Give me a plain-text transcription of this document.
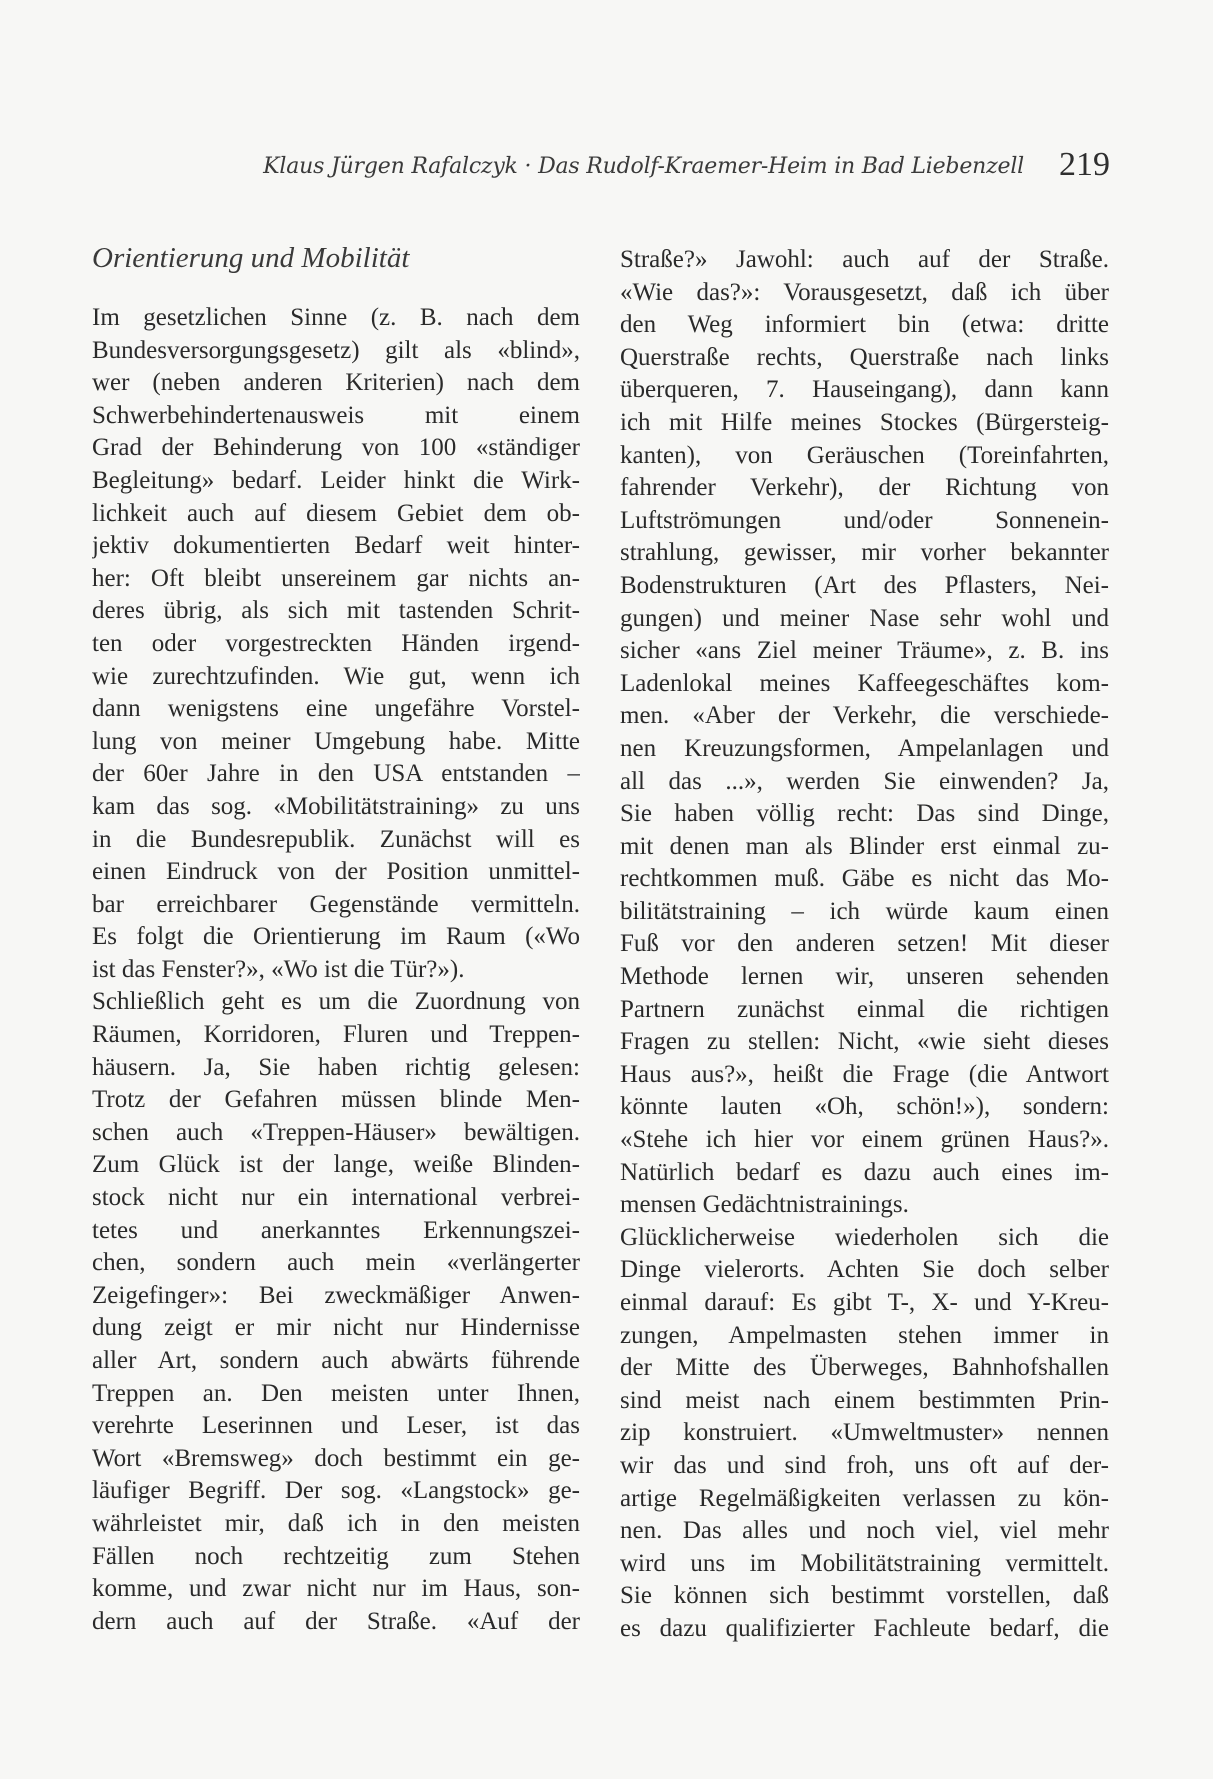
Klaus Jürgen Rafalczyk · Das Rudolf-Kraemer-Heim in Bad Liebenzell 219
Orientierung und Mobilität
Im gesetzlichen Sinne (z. B. nach dem
Bundesversorgungsgesetz) gilt als «blind»,
wer (neben anderen Kriterien) nach dem
Schwerbehindertenausweis mit einem
Grad der Behinderung von 100 «ständiger
Begleitung» bedarf. Leider hinkt die Wirk-
lichkeit auch auf diesem Gebiet dem ob-
jektiv dokumentierten Bedarf weit hinter-
her: Oft bleibt unsereinem gar nichts an-
deres übrig, als sich mit tastenden Schrit-
ten oder vorgestreckten Händen irgend-
wie zurechtzufinden. Wie gut, wenn ich
dann wenigstens eine ungefähre Vorstel-
lung von meiner Umgebung habe. Mitte
der 60er Jahre in den USA entstanden –
kam das sog. «Mobilitätstraining» zu uns
in die Bundesrepublik. Zunächst will es
einen Eindruck von der Position unmittel-
bar erreichbarer Gegenstände vermitteln.
Es folgt die Orientierung im Raum («Wo
ist das Fenster?», «Wo ist die Tür?»).
Schließlich geht es um die Zuordnung von
Räumen, Korridoren, Fluren und Treppen-
häusern. Ja, Sie haben richtig gelesen:
Trotz der Gefahren müssen blinde Men-
schen auch «Treppen-Häuser» bewältigen.
Zum Glück ist der lange, weiße Blinden-
stock nicht nur ein international verbrei-
tetes und anerkanntes Erkennungszei-
chen, sondern auch mein «verlängerter
Zeigefinger»: Bei zweckmäßiger Anwen-
dung zeigt er mir nicht nur Hindernisse
aller Art, sondern auch abwärts führende
Treppen an. Den meisten unter Ihnen,
verehrte Leserinnen und Leser, ist das
Wort «Bremsweg» doch bestimmt ein ge-
läufiger Begriff. Der sog. «Langstock» ge-
währleistet mir, daß ich in den meisten
Fällen noch rechtzeitig zum Stehen
komme, und zwar nicht nur im Haus, son-
dern auch auf der Straße. «Auf der
Straße?» Jawohl: auch auf der Straße.
«Wie das?»: Vorausgesetzt, daß ich über
den Weg informiert bin (etwa: dritte
Querstraße rechts, Querstraße nach links
überqueren, 7. Hauseingang), dann kann
ich mit Hilfe meines Stockes (Bürgersteig-
kanten), von Geräuschen (Toreinfahrten,
fahrender Verkehr), der Richtung von
Luftströmungen und/oder Sonnenein-
strahlung, gewisser, mir vorher bekannter
Bodenstrukturen (Art des Pflasters, Nei-
gungen) und meiner Nase sehr wohl und
sicher «ans Ziel meiner Träume», z. B. ins
Ladenlokal meines Kaffeegeschäftes kom-
men. «Aber der Verkehr, die verschiede-
nen Kreuzungsformen, Ampelanlagen und
all das ...», werden Sie einwenden? Ja,
Sie haben völlig recht: Das sind Dinge,
mit denen man als Blinder erst einmal zu-
rechtkommen muß. Gäbe es nicht das Mo-
bilitätstraining – ich würde kaum einen
Fuß vor den anderen setzen! Mit dieser
Methode lernen wir, unseren sehenden
Partnern zunächst einmal die richtigen
Fragen zu stellen: Nicht, «wie sieht dieses
Haus aus?», heißt die Frage (die Antwort
könnte lauten «Oh, schön!»), sondern:
«Stehe ich hier vor einem grünen Haus?».
Natürlich bedarf es dazu auch eines im-
mensen Gedächtnistrainings.
Glücklicherweise wiederholen sich die
Dinge vielerorts. Achten Sie doch selber
einmal darauf: Es gibt T-, X- und Y-Kreu-
zungen, Ampelmasten stehen immer in
der Mitte des Überweges, Bahnhofshallen
sind meist nach einem bestimmten Prin-
zip konstruiert. «Umweltmuster» nennen
wir das und sind froh, uns oft auf der-
artige Regelmäßigkeiten verlassen zu kön-
nen. Das alles und noch viel, viel mehr
wird uns im Mobilitätstraining vermittelt.
Sie können sich bestimmt vorstellen, daß
es dazu qualifizierter Fachleute bedarf, die
